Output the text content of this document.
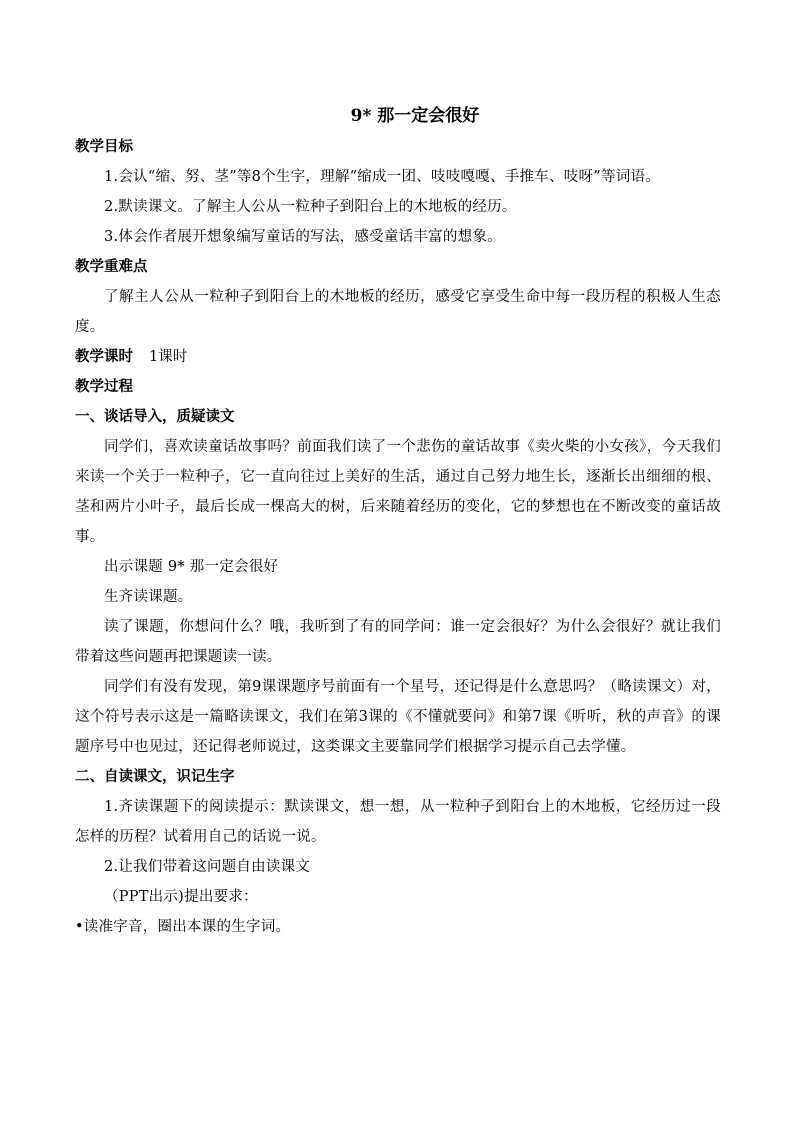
9* 那一定会很好
教学目标

1.会认“缩、努、茎”等8个生字，理解“缩成一团、吱吱嘎嘎、手推车、吱呀”等词语。

2.默读课文。了解主人公从一粒种子到阳台上的木地板的经历。

3.体会作者展开想象编写童话的写法，感受童话丰富的想象。

教学重难点

了解主人公从一粒种子到阳台上的木地板的经历，感受它享受生命中每一段历程的积极人生态度。

教学课时 1课时
教学过程
一、谈话导入，质疑读文

同学们，喜欢读童话故事吗？前面我们读了一个悲伤的童话故事《卖火柴的小女孩》，今天我们来读一个关于一粒种子，它一直向往过上美好的生活，通过自己努力地生长，逐渐长出细细的根、茎和两片小叶子，最后长成一棵高大的树，后来随着经历的变化，它的梦想也在不断改变的童话故事。

出示课题 9* 那一定会很好

生齐读课题。

读了课题，你想问什么？哦，我听到了有的同学问：谁一定会很好？为什么会很好？就让我们带着这些问题再把课题读一读。

同学们有没有发现，第9课课题序号前面有一个星号，还记得是什么意思吗？（略读课文）对，这个符号表示这是一篇略读课文，我们在第3课的《不懂就要问》和第7课《听听，秋的声音》的课题序号中也见过，还记得老师说过，这类课文主要靠同学们根据学习提示自己去学懂。

二、自读课文，识记生字

1.齐读课题下的阅读提示：默读课文，想一想，从一粒种子到阳台上的木地板，它经历过一段怎样的历程？试着用自己的话说一说。

2.让我们带着这问题自由读课文

（PPT出示)提出要求：

•读准字音，圈出本课的生字词。
